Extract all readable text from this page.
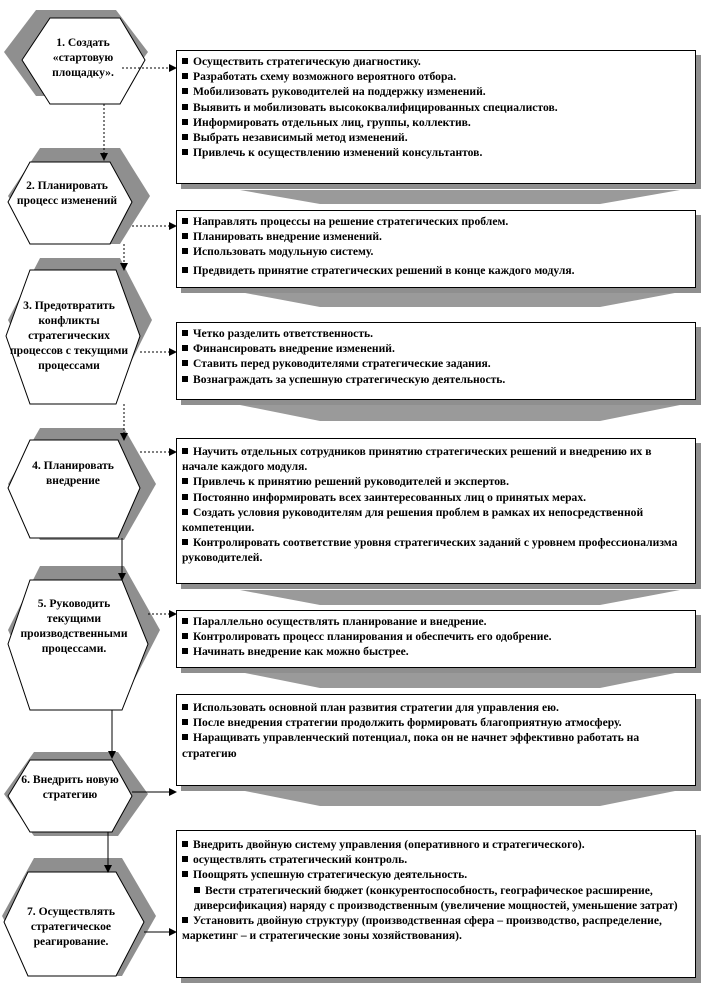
1. Создать «стартовую площадку».
2. Планировать процесс изменений
3. Предотвратить конфликты стратегических процессов с текущими процессами
4. Планировать внедрение
5. Руководить текущими производственными процессами.
6. Внедрить новую стратегию
7. Осуществлять стратегическое реагирование.
Осуществить стратегическую диагностику.
Разработать схему возможного вероятного отбора.
Мобилизовать руководителей на поддержку изменений.
Выявить и мобилизовать высококвалифицированных специалистов.
Информировать отдельных лиц, группы, коллектив.
Выбрать независимый метод изменений.
Привлечь к осуществлению изменений консультантов.
Направлять процессы на решение стратегических проблем.
Планировать внедрение изменений.
Использовать модульную систему.
Предвидеть принятие стратегических решений в конце каждого модуля.
Четко разделить ответственность.
Финансировать внедрение изменений.
Ставить перед руководителями стратегические задания.
Вознаграждать за успешную стратегическую деятельность.
Научить отдельных сотрудников принятию стратегических решений и внедрению их в начале каждого модуля.
Привлечь к принятию решений руководителей и экспертов.
Постоянно информировать всех заинтересованных лиц о принятых мерах.
Создать условия руководителям для решения проблем в рамках их непосредственной компетенции.
Контролировать соответствие уровня стратегических заданий с уровнем профессионализма руководителей.
Параллельно осуществлять планирование и внедрение.
Контролировать процесс планирования и обеспечить его одобрение.
Начинать внедрение как можно быстрее.
Использовать основной план развития стратегии для управления ею.
После внедрения стратегии продолжить формировать благоприятную атмосферу.
Наращивать управленческий потенциал, пока он не начнет эффективно работать на стратегию
Внедрить двойную систему управления (оперативного и стратегического).
осуществлять стратегический контроль.
Поощрять успешную стратегическую деятельность.
Вести стратегический бюджет (конкурентоспособность, географическое расширение, диверсификация) наряду с производственным (увеличение мощностей, уменьшение затрат)
Установить двойную структуру (производственная сфера – производство, распределение, маркетинг – и стратегические зоны хозяйствования).
